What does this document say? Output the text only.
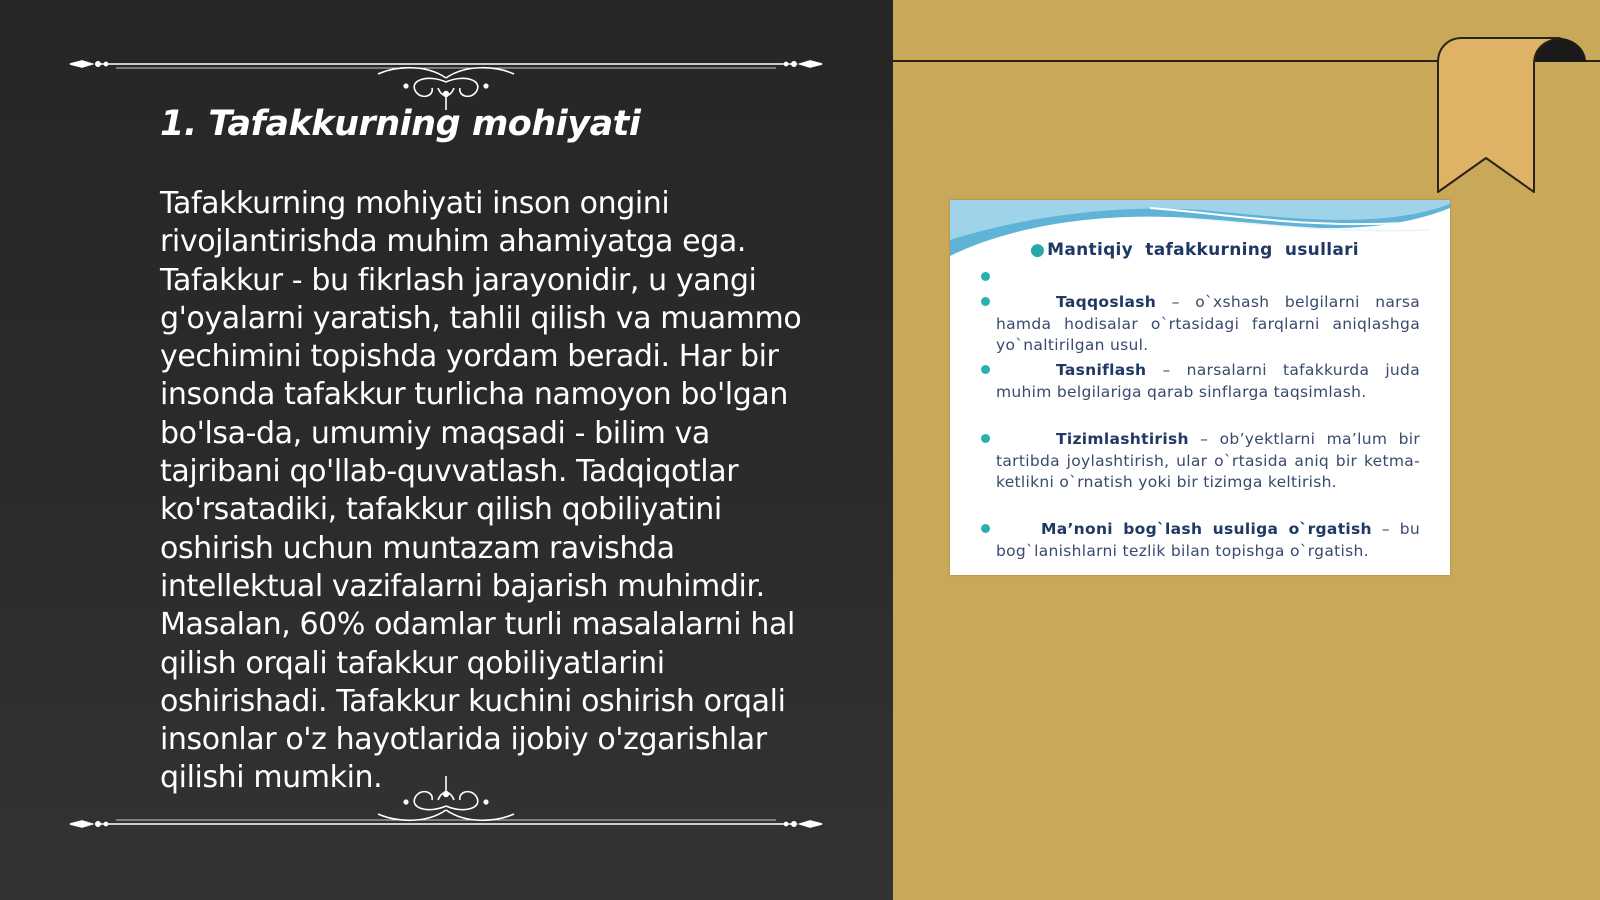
1. Tafakkurning mohiyati

Tafakkurning mohiyati inson ongini rivojlantirishda muhim ahamiyatga ega. Tafakkur - bu fikrlash jarayonidir, u yangi g'oyalarni yaratish, tahlil qilish va muammo yechimini topishda yordam beradi. Har bir insonda tafakkur turlicha namoyon bo'lgan bo'lsa-da, umumiy maqsadi - bilim va tajribani qo'llab-quvvatlash. Tadqiqotlar ko'rsatadiki, tafakkur qilish qobiliyatini oshirish uchun muntazam ravishda intellektual vazifalarni bajarish muhimdir. Masalan, 60% odamlar turli masalalarni hal qilish orqali tafakkur qobiliyatlarini oshirishadi. Tafakkur kuchini oshirish orqali insonlar o'z hayotlarida ijobiy o'zgarishlar qilishi mumkin.

● Mantiqiy tafakkurning usullari

Taqqoslash – o`xshash belgilarni narsa hamda hodisalar o`rtasidagi farqlarni aniqlashga yo`naltirilgan usul.

Tasniflash – narsalarni tafakkurda juda muhim belgilariga qarab sinflarga taqsimlash.

Tizimlashtirish – ob’yektlarni ma’lum bir tartibda joylashtirish, ular o`rtasida aniq bir ketma-ketlikni o`rnatish yoki bir tizimga keltirish.

Ma’noni bog`lash usuliga o`rgatish – bu bog`lanishlarni tezlik bilan topishga o`rgatish.
